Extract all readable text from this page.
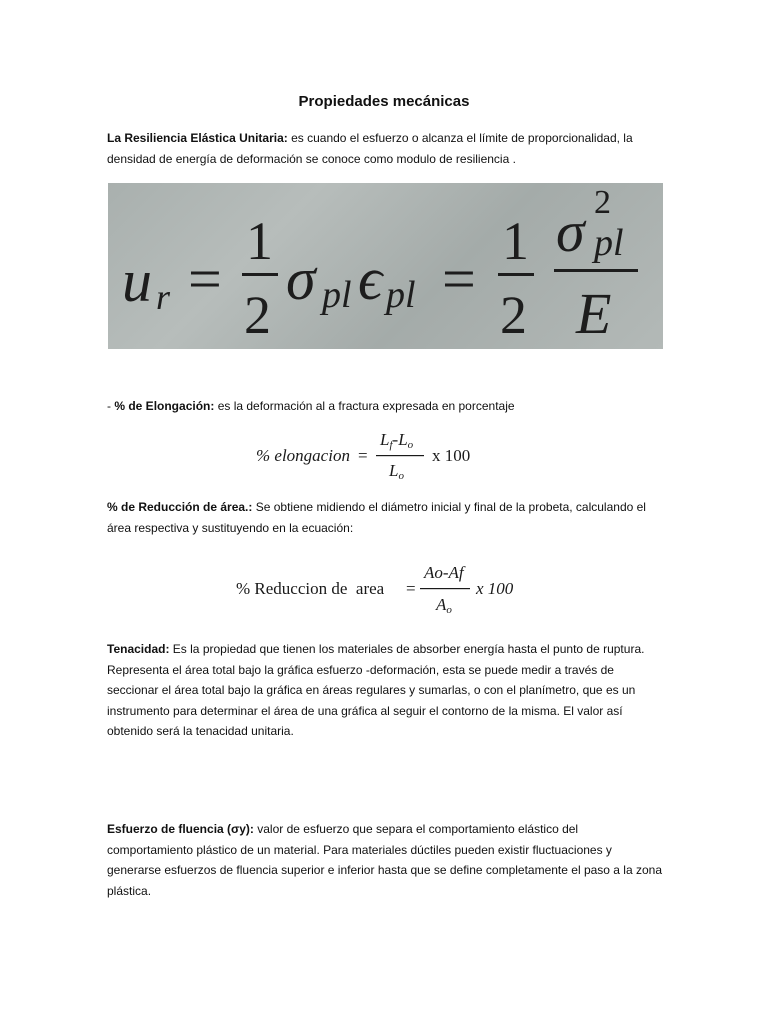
Propiedades mecánicas
La Resiliencia Elástica Unitaria: es cuando el esfuerzo o alcanza el límite de proporcionalidad, la densidad de energía de deformación se conoce como modulo de resiliencia .
u r =
1
2
σ pl ϵ pl =
1
2
σ 2
pl
E
- % de Elongación: es la deformación al a fractura expresada en porcentaje
% elongacion =
Lf-Lo
Lo
x 100
% de Reducción de área.: Se obtiene midiendo el diámetro inicial y final de la probeta, calculando el área respectiva y sustituyendo en la ecuación:
% Reduccion de  area =
Ao-Af
Ao
x 100
Tenacidad: Es la propiedad que tienen los materiales de absorber energía hasta el punto de ruptura. Representa el área total bajo la gráfica esfuerzo -deformación, esta se puede medir a través de seccionar el área total bajo la gráfica en áreas regulares y sumarlas, o con el planímetro, que es un instrumento para determinar el área de una gráfica al seguir el contorno de la misma. El valor así obtenido será la tenacidad unitaria.
Esfuerzo de fluencia (σy): valor de esfuerzo que separa el comportamiento elástico del comportamiento plástico de un material. Para materiales dúctiles pueden existir fluctuaciones y generarse esfuerzos de fluencia superior e inferior hasta que se define completamente el paso a la zona plástica.
